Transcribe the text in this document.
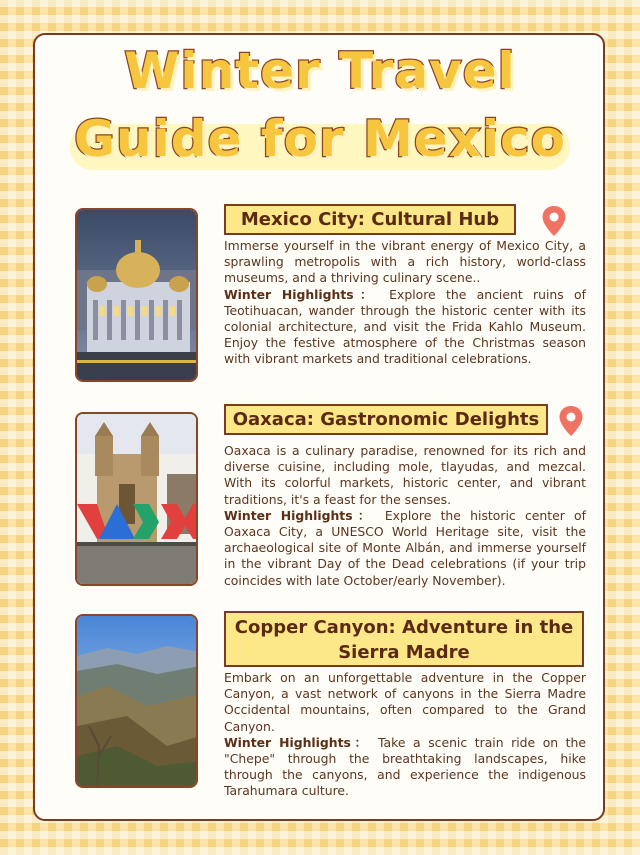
Winter Travel
Guide for Mexico
Mexico City: Cultural Hub

Immerse yourself in the vibrant energy of Mexico City, a sprawling metropolis with a rich history, world-class museums, and a thriving culinary scene..
Winter Highlights： Explore the ancient ruins of Teotihuacan, wander through the historic center with its colonial architecture, and visit the Frida Kahlo Museum. Enjoy the festive atmosphere of the Christmas season with vibrant markets and traditional celebrations.

Oaxaca: Gastronomic Delights

Oaxaca is a culinary paradise, renowned for its rich and diverse cuisine, including mole, tlayudas, and mezcal. With its colorful markets, historic center, and vibrant traditions, it's a feast for the senses.
Winter Highlights： Explore the historic center of Oaxaca City, a UNESCO World Heritage site, visit the archaeological site of Monte Albán, and immerse yourself in the vibrant Day of the Dead celebrations (if your trip coincides with late October/early November).

Copper Canyon: Adventure in the
Sierra Madre

Embark on an unforgettable adventure in the Copper Canyon, a vast network of canyons in the Sierra Madre Occidental mountains, often compared to the Grand Canyon.
Winter Highlights： Take a scenic train ride on the "Chepe" through the breathtaking landscapes, hike through the canyons, and experience the indigenous Tarahumara culture.
